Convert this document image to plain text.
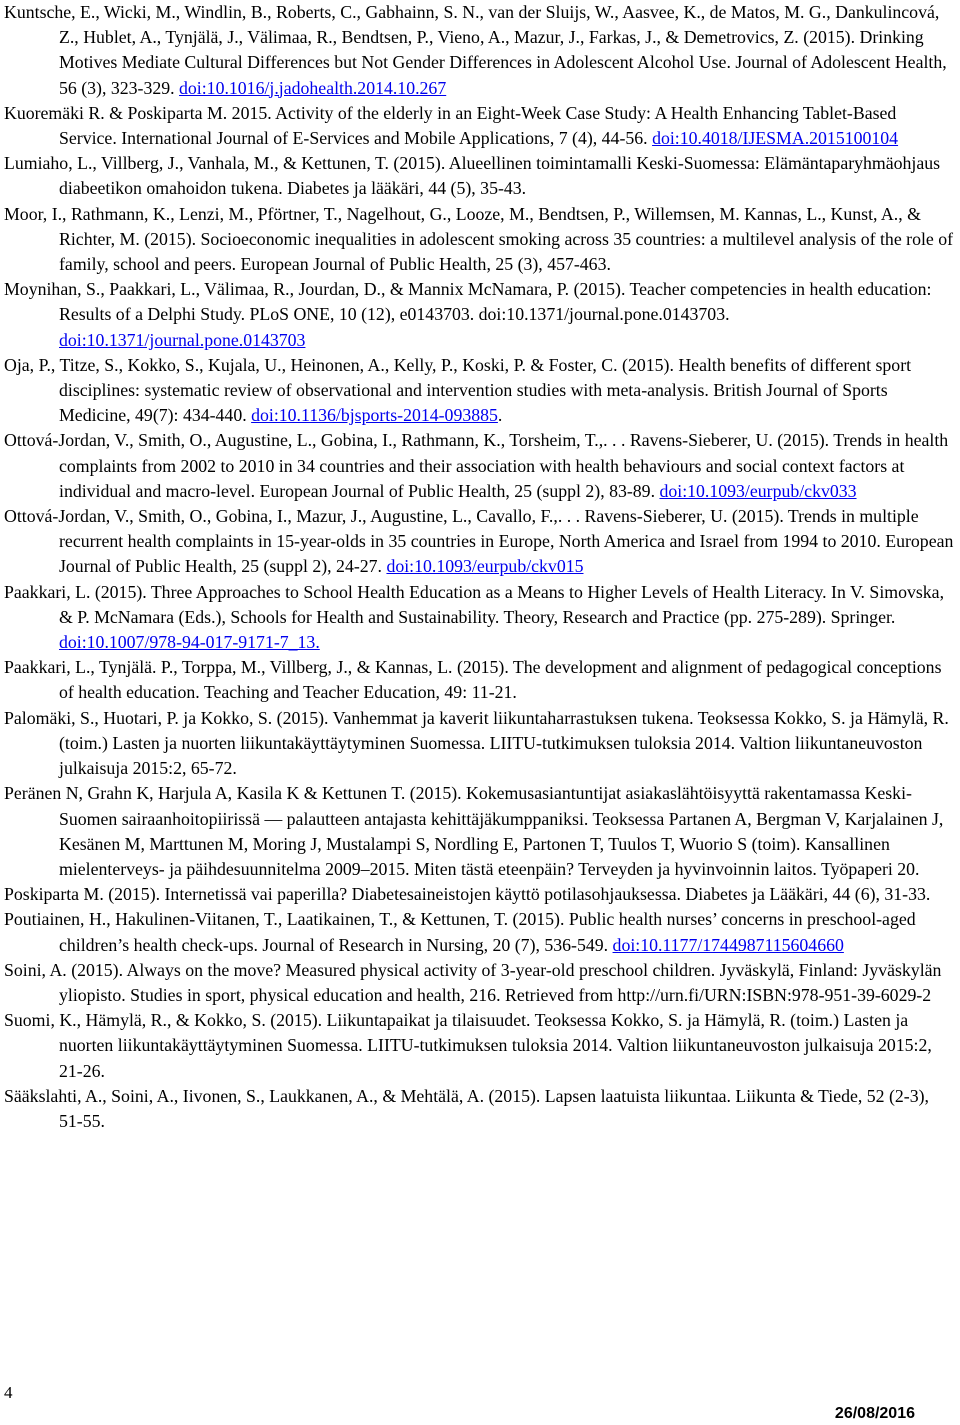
Kuntsche, E., Wicki, M., Windlin, B., Roberts, C., Gabhainn, S. N., van der Sluijs, W., Aasvee, K., de Matos, M. G., Dankulincová, Z., Hublet, A., Tynjälä, J., Välimaa, R., Bendtsen, P., Vieno, A., Mazur, J., Farkas, J., & Demetrovics, Z. (2015). Drinking Motives Mediate Cultural Differences but Not Gender Differences in Adolescent Alcohol Use. Journal of Adolescent Health, 56 (3), 323-329. doi:10.1016/j.jadohealth.2014.10.267

Kuoremäki R. & Poskiparta M. 2015. Activity of the elderly in an Eight-Week Case Study: A Health Enhancing Tablet-Based Service. International Journal of E-Services and Mobile Applications, 7 (4), 44-56. doi:10.4018/IJESMA.2015100104

Lumiaho, L., Villberg, J., Vanhala, M., & Kettunen, T. (2015). Alueellinen toimintamalli Keski-Suomessa: Elämäntaparyhmäohjaus diabeetikon omahoidon tukena. Diabetes ja lääkäri, 44 (5), 35-43.

Moor, I., Rathmann, K., Lenzi, M., Pförtner, T., Nagelhout, G., Looze, M., Bendtsen, P., Willemsen, M. Kannas, L., Kunst, A., & Richter, M. (2015). Socioeconomic inequalities in adolescent smoking across 35 countries: a multilevel analysis of the role of family, school and peers. European Journal of Public Health, 25 (3), 457-463.

Moynihan, S., Paakkari, L., Välimaa, R., Jourdan, D., & Mannix McNamara, P. (2015). Teacher competencies in health education: Results of a Delphi Study. PLoS ONE, 10 (12), e0143703. doi:10.1371/journal.pone.0143703. doi:10.1371/journal.pone.0143703

Oja, P., Titze, S., Kokko, S., Kujala, U., Heinonen, A., Kelly, P., Koski, P. & Foster, C. (2015). Health benefits of different sport disciplines: systematic review of observational and intervention studies with meta-analysis. British Journal of Sports Medicine, 49(7): 434-440. doi:10.1136/bjsports-2014-093885.

Ottová-Jordan, V., Smith, O., Augustine, L., Gobina, I., Rathmann, K., Torsheim, T.,. . . Ravens-Sieberer, U. (2015). Trends in health complaints from 2002 to 2010 in 34 countries and their association with health behaviours and social context factors at individual and macro-level. European Journal of Public Health, 25 (suppl 2), 83-89. doi:10.1093/eurpub/ckv033

Ottová-Jordan, V., Smith, O., Gobina, I., Mazur, J., Augustine, L., Cavallo, F.,. . . Ravens-Sieberer, U. (2015). Trends in multiple recurrent health complaints in 15-year-olds in 35 countries in Europe, North America and Israel from 1994 to 2010. European Journal of Public Health, 25 (suppl 2), 24-27. doi:10.1093/eurpub/ckv015

Paakkari, L. (2015). Three Approaches to School Health Education as a Means to Higher Levels of Health Literacy. In V. Simovska, & P. McNamara (Eds.), Schools for Health and Sustainability. Theory, Research and Practice (pp. 275-289). Springer. doi:10.1007/978-94-017-9171-7_13.

Paakkari, L., Tynjälä. P., Torppa, M., Villberg, J., & Kannas, L. (2015). The development and alignment of pedagogical conceptions of health education. Teaching and Teacher Education, 49: 11-21.

Palomäki, S., Huotari, P. ja Kokko, S. (2015). Vanhemmat ja kaverit liikuntaharrastuksen tukena. Teoksessa Kokko, S. ja Hämylä, R. (toim.) Lasten ja nuorten liikuntakäyttäytyminen Suomessa. LIITU-tutkimuksen tuloksia 2014. Valtion liikuntaneuvoston julkaisuja 2015:2, 65-72.

Peränen N, Grahn K, Harjula A, Kasila K & Kettunen T. (2015). Kokemusasiantuntijat asiakaslähtöisyyttä rakentamassa Keski-Suomen sairaanhoitopiirissä — palautteen antajasta kehittäjäkumppaniksi. Teoksessa Partanen A, Bergman V, Karjalainen J, Kesänen M, Marttunen M, Moring J, Mustalampi S, Nordling E, Partonen T, Tuulos T, Wuorio S (toim). Kansallinen mielenterveys- ja päihdesuunnitelma 2009–2015. Miten tästä eteenpäin? Terveyden ja hyvinvoinnin laitos. Työpaperi 20.

Poskiparta M. (2015). Internetissä vai paperilla? Diabetesaineistojen käyttö potilasohjauksessa. Diabetes ja Lääkäri, 44 (6), 31-33.

Poutiainen, H., Hakulinen-Viitanen, T., Laatikainen, T., & Kettunen, T. (2015). Public health nurses’ concerns in preschool-aged children’s health check-ups. Journal of Research in Nursing, 20 (7), 536-549. doi:10.1177/1744987115604660

Soini, A. (2015). Always on the move? Measured physical activity of 3-year-old preschool children. Jyväskylä, Finland: Jyväskylän yliopisto. Studies in sport, physical education and health, 216. Retrieved from http://urn.fi/URN:ISBN:978-951-39-6029-2

Suomi, K., Hämylä, R., & Kokko, S. (2015). Liikuntapaikat ja tilaisuudet. Teoksessa Kokko, S. ja Hämylä, R. (toim.) Lasten ja nuorten liikuntakäyttäytyminen Suomessa. LIITU-tutkimuksen tuloksia 2014. Valtion liikuntaneuvoston julkaisuja 2015:2, 21-26.

Sääkslahti, A., Soini, A., Iivonen, S., Laukkanen, A., & Mehtälä, A. (2015). Lapsen laatuista liikuntaa. Liikunta & Tiede, 52 (2-3), 51-55.

4
26/08/2016
